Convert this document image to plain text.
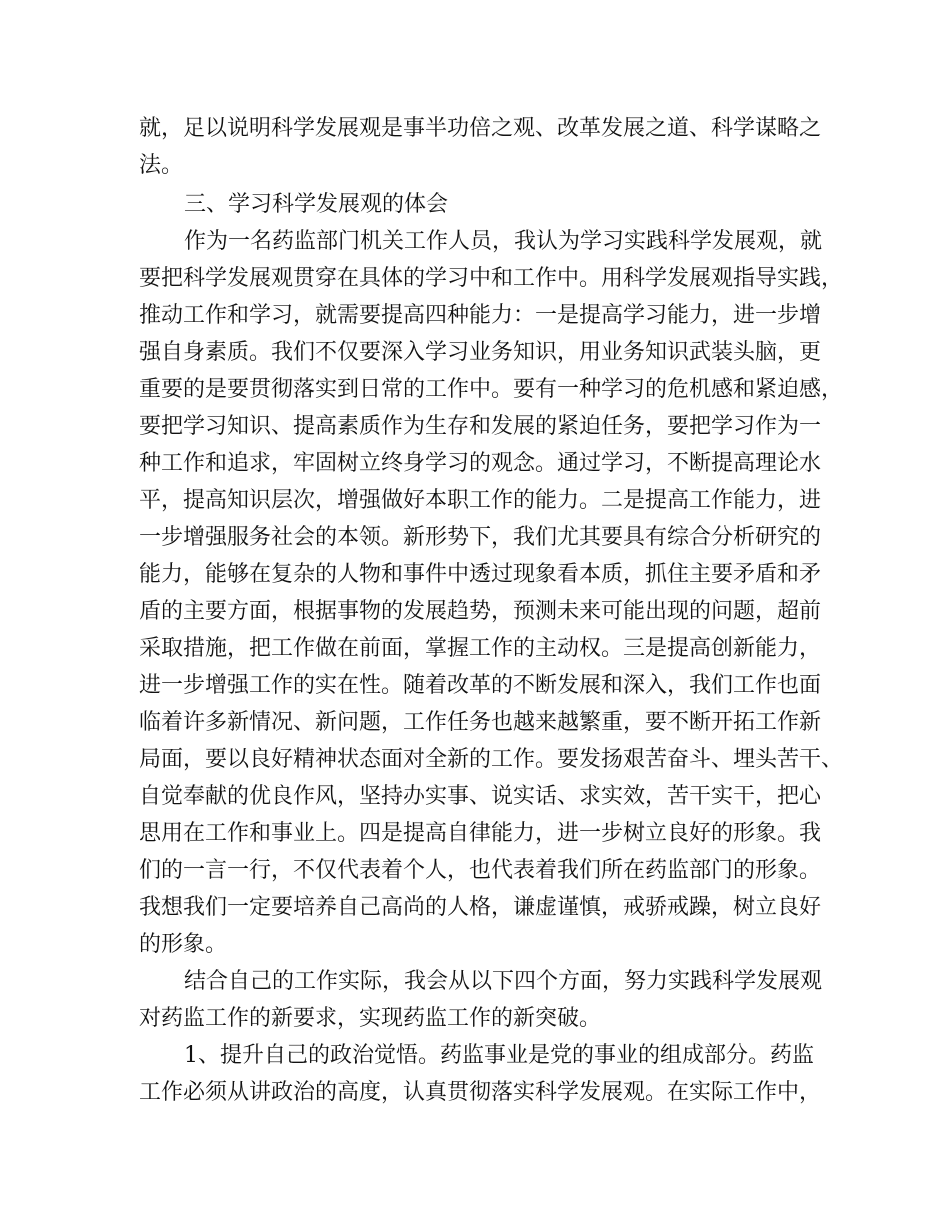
就，足以说明科学发展观是事半功倍之观、改革发展之道、科学谋略之
法。
三、学习科学发展观的体会
作为一名药监部门机关工作人员，我认为学习实践科学发展观，就
要把科学发展观贯穿在具体的学习中和工作中。用科学发展观指导实践，
推动工作和学习，就需要提高四种能力：一是提高学习能力，进一步增
强自身素质。我们不仅要深入学习业务知识，用业务知识武装头脑，更
重要的是要贯彻落实到日常的工作中。要有一种学习的危机感和紧迫感，
要把学习知识、提高素质作为生存和发展的紧迫任务，要把学习作为一
种工作和追求，牢固树立终身学习的观念。通过学习，不断提高理论水
平，提高知识层次，增强做好本职工作的能力。二是提高工作能力，进
一步增强服务社会的本领。新形势下，我们尤其要具有综合分析研究的
能力，能够在复杂的人物和事件中透过现象看本质，抓住主要矛盾和矛
盾的主要方面，根据事物的发展趋势，预测未来可能出现的问题，超前
采取措施，把工作做在前面，掌握工作的主动权。三是提高创新能力，
进一步增强工作的实在性。随着改革的不断发展和深入，我们工作也面
临着许多新情况、新问题，工作任务也越来越繁重，要不断开拓工作新
局面，要以良好精神状态面对全新的工作。要发扬艰苦奋斗、埋头苦干、
自觉奉献的优良作风，坚持办实事、说实话、求实效，苦干实干，把心
思用在工作和事业上。四是提高自律能力，进一步树立良好的形象。我
们的一言一行，不仅代表着个人，也代表着我们所在药监部门的形象。
我想我们一定要培养自己高尚的人格，谦虚谨慎，戒骄戒躁，树立良好
的形象。
结合自己的工作实际，我会从以下四个方面，努力实践科学发展观
对药监工作的新要求，实现药监工作的新突破。
1、提升自己的政治觉悟。药监事业是党的事业的组成部分。药监
工作必须从讲政治的高度，认真贯彻落实科学发展观。在实际工作中，
